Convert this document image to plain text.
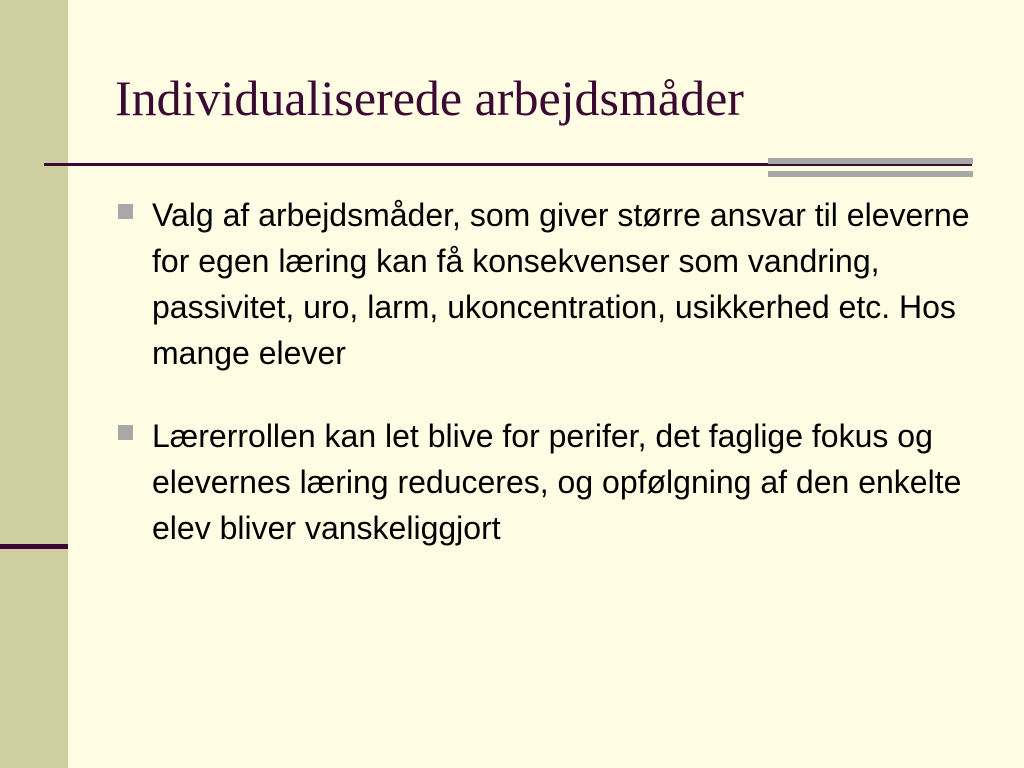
Individualiserede arbejdsmåder
Valg af arbejdsmåder, som giver større ansvar til eleverne for egen læring kan få konsekvenser som vandring, passivitet, uro, larm, ukoncentration, usikkerhed etc. Hos mange elever
Lærerrollen kan let blive for perifer, det faglige fokus og elevernes læring reduceres, og opfølgning af den enkelte elev bliver vanskeliggjort
